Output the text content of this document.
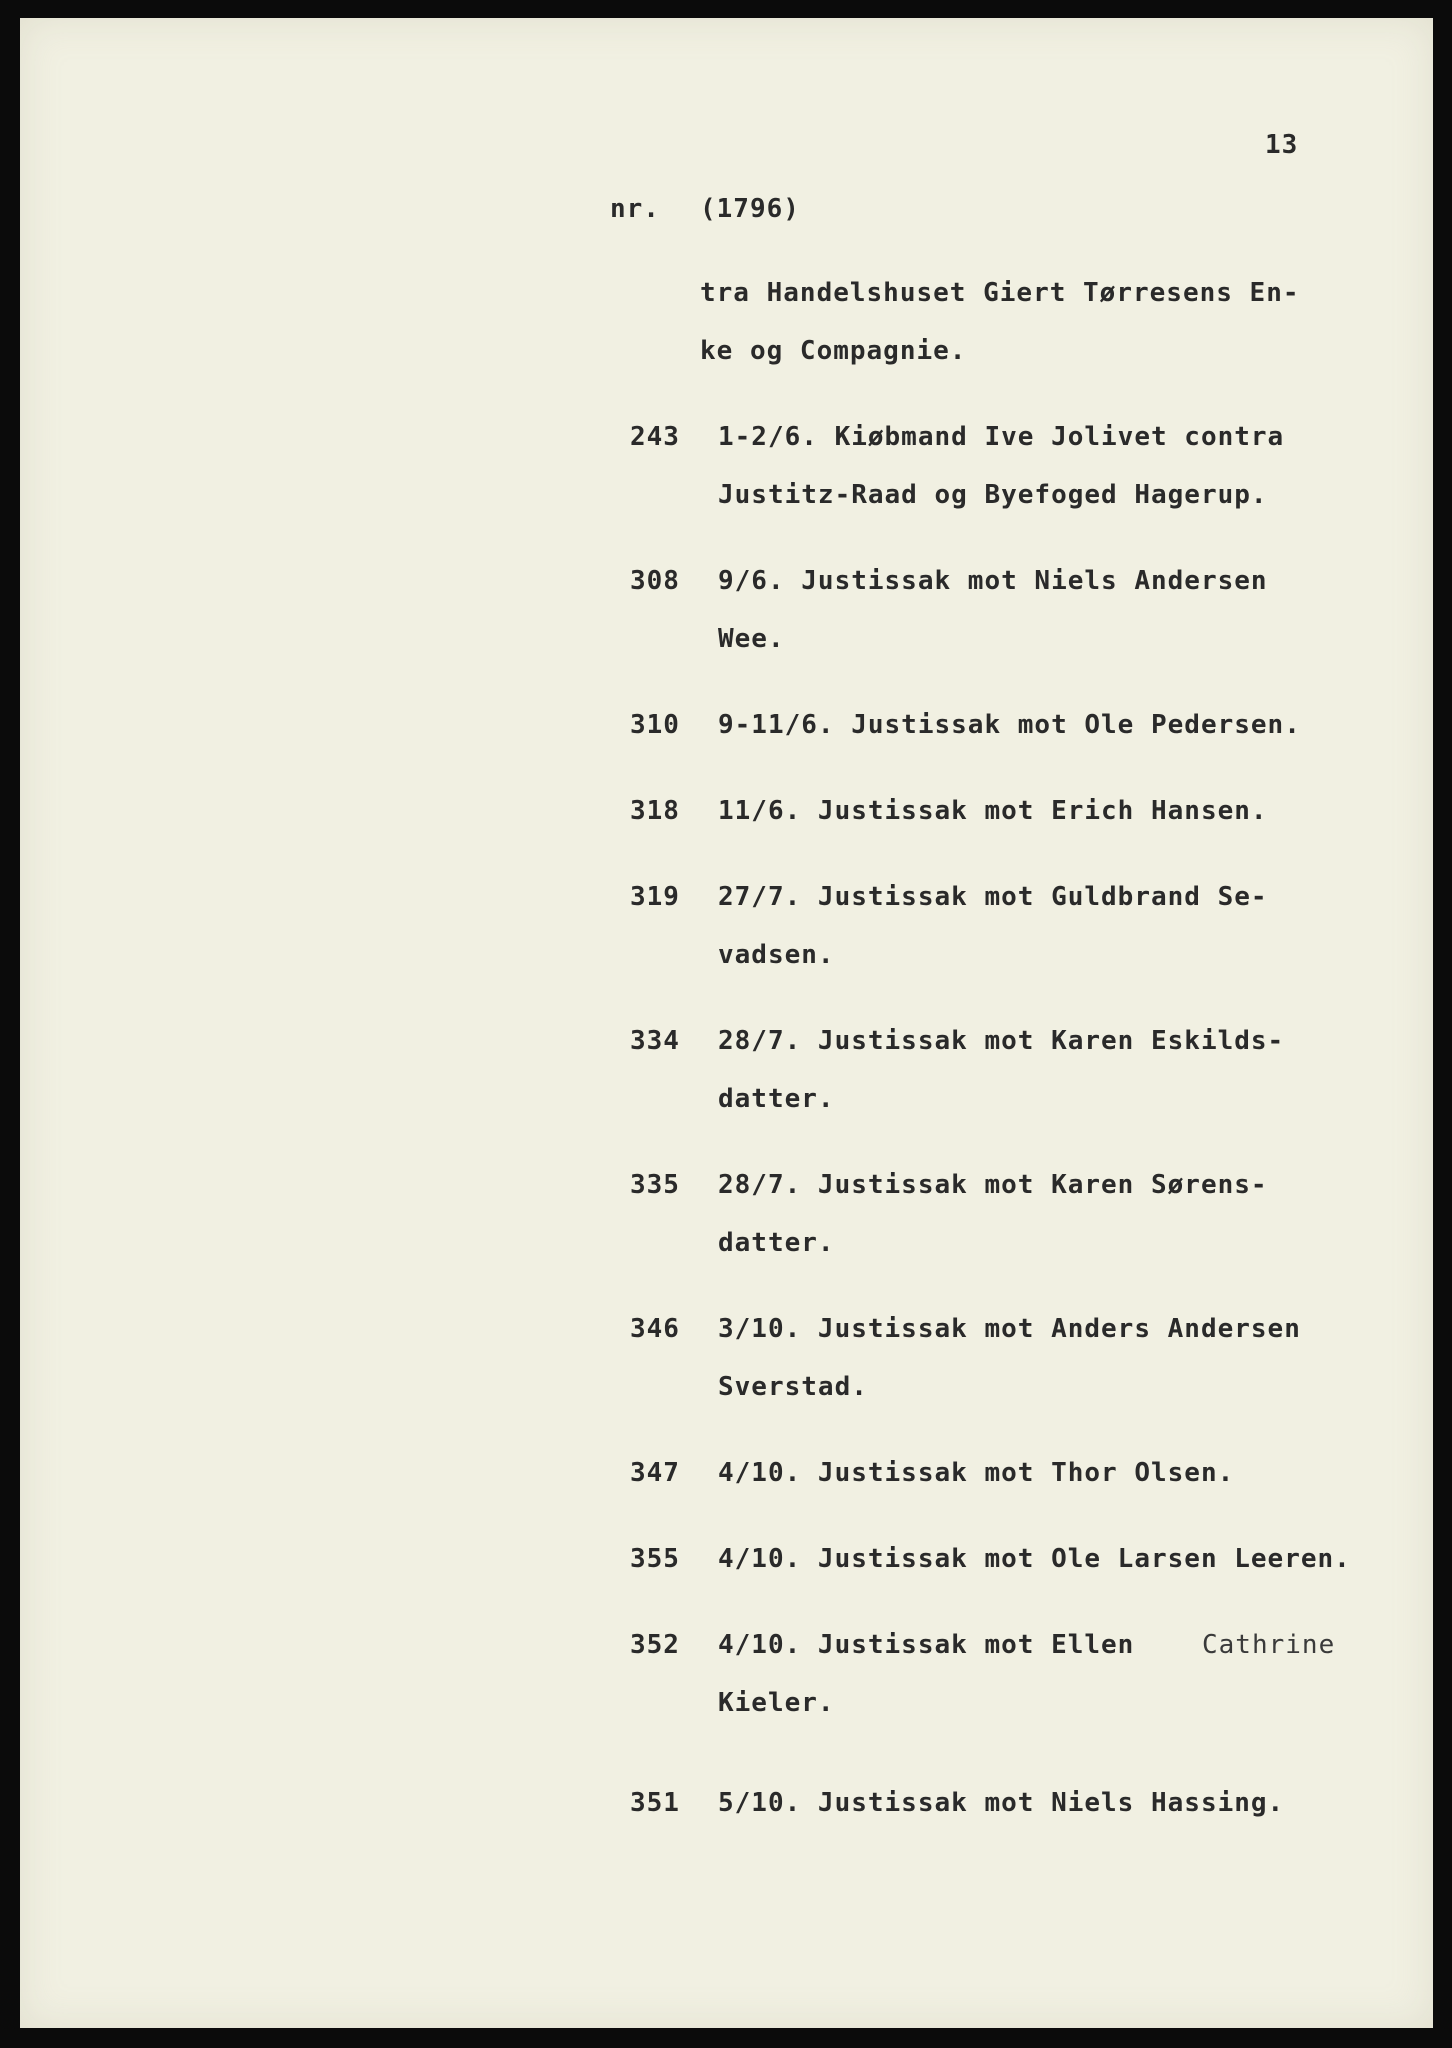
13
nr. (1796)
tra Handelshuset Giert Tørresens En-
ke og Compagnie.
243 1-2/6. Kiøbmand Ive Jolivet contra
Justitz-Raad og Byefoged Hagerup.
308 9/6. Justissak mot Niels Andersen
Wee.
310 9-11/6. Justissak mot Ole Pedersen.
318 11/6. Justissak mot Erich Hansen.
319 27/7. Justissak mot Guldbrand Se-
vadsen.
334 28/7. Justissak mot Karen Eskilds-
datter.
335 28/7. Justissak mot Karen Sørens-
datter.
346 3/10. Justissak mot Anders Andersen
Sverstad.
347 4/10. Justissak mot Thor Olsen.
355 4/10. Justissak mot Ole Larsen Leeren.
352 4/10. Justissak mot Ellen	Cathrine
Kieler.
351 5/10. Justissak mot Niels Hassing.
